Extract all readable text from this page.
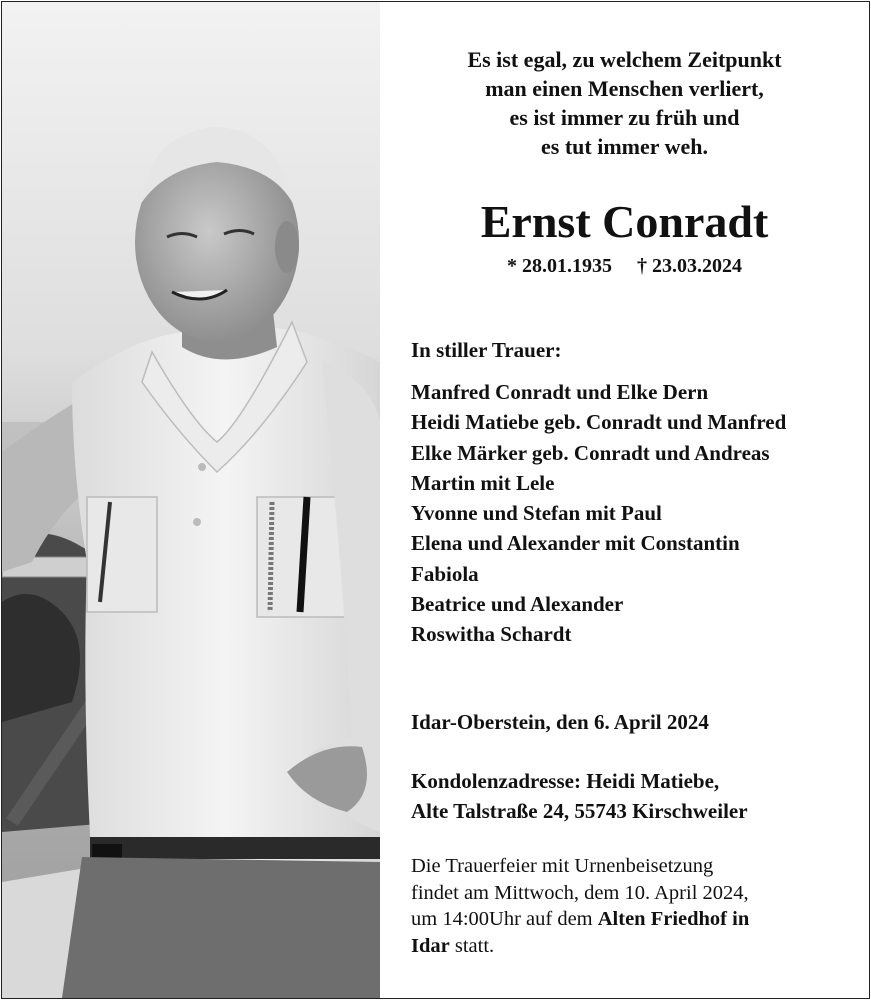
Es ist egal, zu welchem Zeitpunkt
man einen Menschen verliert,
es ist immer zu früh und
es tut immer weh.
Ernst Conradt
* 28.01.1935 † 23.03.2024
In stiller Trauer:
Manfred Conradt und Elke Dern
Heidi Matiebe geb. Conradt und Manfred
Elke Märker geb. Conradt und Andreas
Martin mit Lele
Yvonne und Stefan mit Paul
Elena und Alexander mit Constantin
Fabiola
Beatrice und Alexander
Roswitha Schardt
Idar-Oberstein, den 6. April 2024
Kondolenzadresse: Heidi Matiebe,
Alte Talstraße 24, 55743 Kirschweiler
Die Trauerfeier mit Urnenbeisetzung
findet am Mittwoch, dem 10. April 2024,
um 14:00Uhr auf dem Alten Friedhof in
Idar statt.
